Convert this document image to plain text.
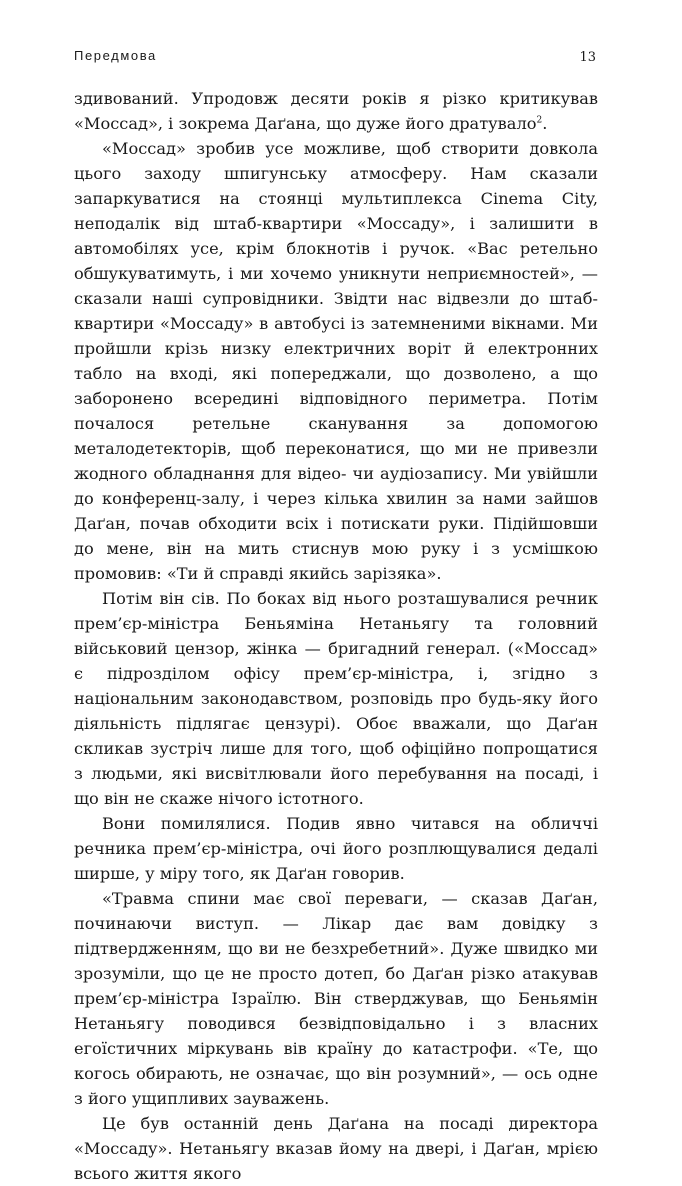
Передмова	13

здивований. Упродовж десяти років я різко критикував «Моссад», і зокрема Даґана, що дуже його дратувало$^2$.

«Моссад» зробив усе можливе, щоб створити довкола цього заходу шпигунську атмосферу. Нам сказали запаркуватися на стоянці мультиплекса Cinema City, неподалік від штаб-квартири «Моссаду», і залишити в автомобілях усе, крім блокнотів і ручок. «Вас ретельно обшукуватимуть, і ми хочемо уникнути неприємностей», — сказали наші супровідники. Звідти нас відвезли до штаб-квартири «Моссаду» в автобусі із затемненими вікнами. Ми пройшли крізь низку електричних воріт й електронних табло на вході, які попереджали, що дозволено, а що заборонено всередині відповідного периметра. Потім почалося ретельне сканування за допомогою металодетекторів, щоб переконатися, що ми не привезли жодного обладнання для відео- чи аудіозапису. Ми увійшли до конференц-залу, і через кілька хвилин за нами зайшов Даґан, почав обходити всіх і потискати руки. Підійшовши до мене, він на мить стиснув мою руку і з усмішкою промовив: «Ти й справді якийсь зарізяка».

Потім він сів. По боках від нього розташувалися речник прем’єр-міністра Беньяміна Нетаньягу та головний військовий цензор, жінка — бригадний генерал. («Моссад» є підрозділом офісу прем’єр-міністра, і, згідно з національним законодавством, розповідь про будь-яку його діяльність підлягає цензурі). Обоє вважали, що Даґан скликав зустріч лише для того, щоб офіційно попрощатися з людьми, які висвітлювали його перебування на посаді, і що він не скаже нічого істотного.

Вони помилялися. Подив явно читався на обличчі речника прем’єр-міністра, очі його розплющувалися дедалі ширше, у міру того, як Даґан говорив.

«Травма спини має свої переваги, — сказав Даґан, починаючи виступ. — Лікар дає вам довідку з підтвердженням, що ви не безхребетний». Дуже швидко ми зрозуміли, що це не просто дотеп, бо Даґан різко атакував прем’єр-міністра Ізраїлю. Він стверджував, що Беньямін Нетаньягу поводився безвідповідально і з власних егоїстичних міркувань вів країну до катастрофи. «Те, що когось обирають, не означає, що він розумний», — ось одне з його ущипливих зауважень.

Це був останній день Даґана на посаді директора «Моссаду». Нетаньягу вказав йому на двері, і Даґан, мрією всього життя якого
